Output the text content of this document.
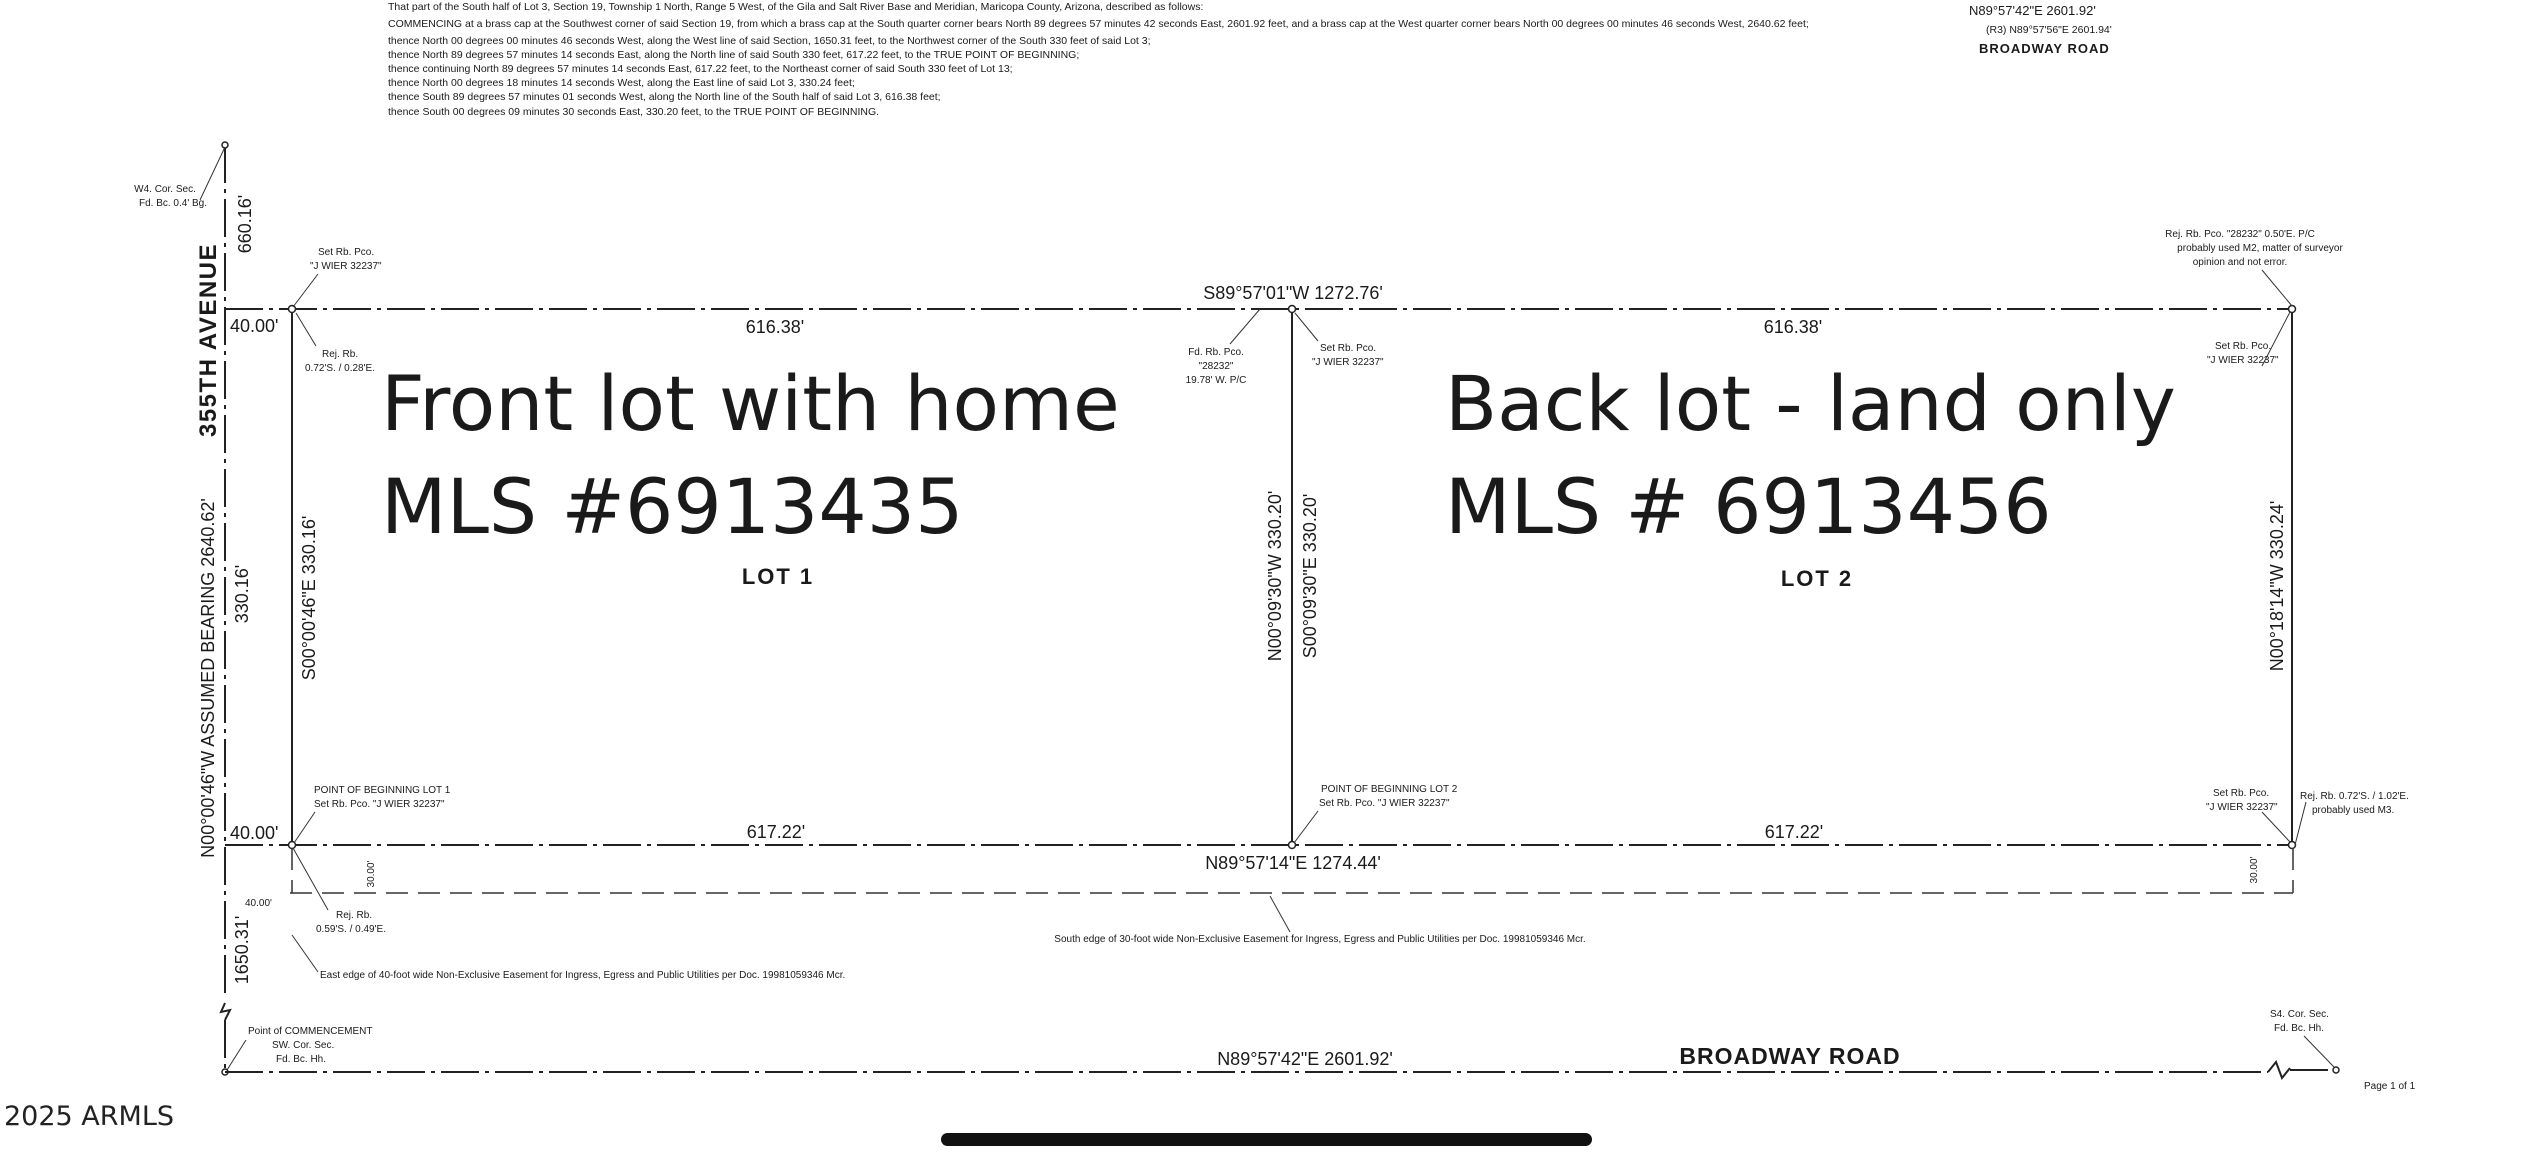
That part of the South half of Lot 3, Section 19, Township 1 North, Range 5 West, of the Gila and Salt River Base and Meridian, Maricopa County, Arizona, described as follows:
COMMENCING at a brass cap at the Southwest corner of said Section 19, from which a brass cap at the South quarter corner bears North 89 degrees 57 minutes 42 seconds East, 2601.92 feet, and a brass cap at the West quarter corner bears North 00 degrees 00 minutes 46 seconds West, 2640.62 feet;
thence North 00 degrees 00 minutes 46 seconds West, along the West line of said Section, 1650.31 feet, to the Northwest corner of the South 330 feet of said Lot 3;
thence North 89 degrees 57 minutes 14 seconds East, along the North line of said South 330 feet, 617.22 feet, to the TRUE POINT OF BEGINNING;
thence continuing North 89 degrees 57 minutes 14 seconds East, 617.22 feet, to the Northeast corner of said South 330 feet of Lot 13;
thence North 00 degrees 18 minutes 14 seconds West, along the East line of said Lot 3, 330.24 feet;
thence South 89 degrees 57 minutes 01 seconds West, along the North line of the South half of said Lot 3, 616.38 feet;
thence South 00 degrees 09 minutes 30 seconds East, 330.20 feet, to the TRUE POINT OF BEGINNING.
N89°57'42"E 2601.92'
(R3) N89°57'56"E 2601.94'
BROADWAY ROAD
355TH AVENUE
660.16'
N00°00'46"W ASSUMED BEARING 2640.62' 330.16'
1650.31'
40.00'
40.00'
40.00'
S89°57'01"W 1272.76'
616.38'	616.38'
617.22'	617.22'
N89°57'14"E 1274.44'
S00°00'46"E 330.16'	N00°09'30"W 330.20' S00°09'30"E 330.20'	N00°18'14"W 330.24'
30.00'	30.00'
LOT 1	LOT 2
Front lot with home
MLS #6913435
Back lot - land only
MLS # 6913456
W4. Cor. Sec.
Fd. Bc. 0.4' Bg.
Set Rb. Pco.
"J WIER 32237"
Rej. Rb.
0.72'S. / 0.28'E.
Fd. Rb. Pco.
"28232"
19.78' W. P/C
Set Rb. Pco.
"J WIER 32237"
Rej. Rb. Pco. "28232" 0.50'E. P/C
probably used M2, matter of surveyor
opinion and not error.
Set Rb. Pco.
"J WIER 32237"
POINT OF BEGINNING LOT 1
Set Rb. Pco. "J WIER 32237"
POINT OF BEGINNING LOT 2
Set Rb. Pco. "J WIER 32237"
Set Rb. Pco.
"J WIER 32237"
Rej. Rb. 0.72'S. / 1.02'E.
probably used M3.
Rej. Rb.
0.59'S. / 0.49'E.
Point of COMMENCEMENT
SW. Cor. Sec.
Fd. Bc. Hh.
S4. Cor. Sec.
Fd. Bc. Hh.
South edge of 30-foot wide Non-Exclusive Easement for Ingress, Egress and Public Utilities per Doc. 19981059346 Mcr.
East edge of 40-foot wide Non-Exclusive Easement for Ingress, Egress and Public Utilities per Doc. 19981059346 Mcr.
N89°57'42"E 2601.92'	BROADWAY ROAD
Page 1 of 1
2025 ARMLS
